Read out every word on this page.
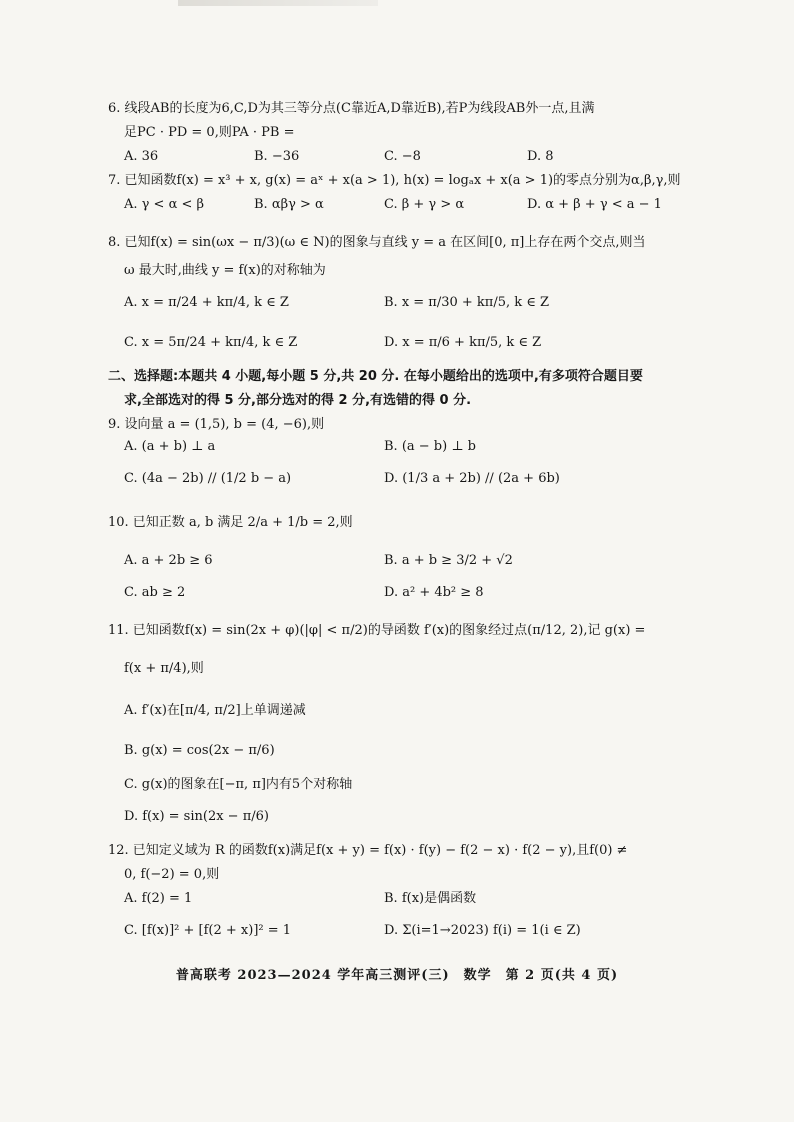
6. 线段AB的长度为6,C,D为其三等分点(C靠近A,D靠近B),若P为线段AB外一点,且满
足PC · PD = 0,则PA · PB =
A. 36	B. −36	C. −8	D. 8
7. 已知函数f(x) = x³ + x, g(x) = aˣ + x(a > 1), h(x) = logₐx + x(a > 1)的零点分别为α,β,γ,则
A. γ < α < β	B. αβγ > α	C. β + γ > α	D. α + β + γ < a − 1
8. 已知f(x) = sin(ωx − π/3)(ω ∈ N)的图象与直线 y = a 在区间[0, π]上存在两个交点,则当
ω 最大时,曲线 y = f(x)的对称轴为
A. x = π/24 + kπ/4, k ∈ Z	B. x = π/30 + kπ/5, k ∈ Z
C. x = 5π/24 + kπ/4, k ∈ Z	D. x = π/6 + kπ/5, k ∈ Z
二、选择题:本题共 4 小题,每小题 5 分,共 20 分. 在每小题给出的选项中,有多项符合题目要
求,全部选对的得 5 分,部分选对的得 2 分,有选错的得 0 分.
9. 设向量 a = (1,5), b = (4, −6),则
A. (a + b) ⊥ a	B. (a − b) ⊥ b
C. (4a − 2b) // (1/2 b − a)	D. (1/3 a + 2b) // (2a + 6b)
10. 已知正数 a, b 满足 2/a + 1/b = 2,则
A. a + 2b ≥ 6	B. a + b ≥ 3/2 + √2
C. ab ≥ 2	D. a² + 4b² ≥ 8
11. 已知函数f(x) = sin(2x + φ)(|φ| < π/2)的导函数 f′(x)的图象经过点(π/12, 2),记 g(x) =
f(x + π/4),则
A. f′(x)在[π/4, π/2]上单调递减
B. g(x) = cos(2x − π/6)
C. g(x)的图象在[−π, π]内有5个对称轴
D. f(x) = sin(2x − π/6)
12. 已知定义域为 R 的函数f(x)满足f(x + y) = f(x) · f(y) − f(2 − x) · f(2 − y),且f(0) ≠
0, f(−2) = 0,则
A. f(2) = 1	B. f(x)是偶函数
C. [f(x)]² + [f(2 + x)]² = 1	D. Σ(i=1→2023) f(i) = 1(i ∈ Z)
普高联考 2023—2024 学年高三测评(三)　数学　第 2 页(共 4 页)
